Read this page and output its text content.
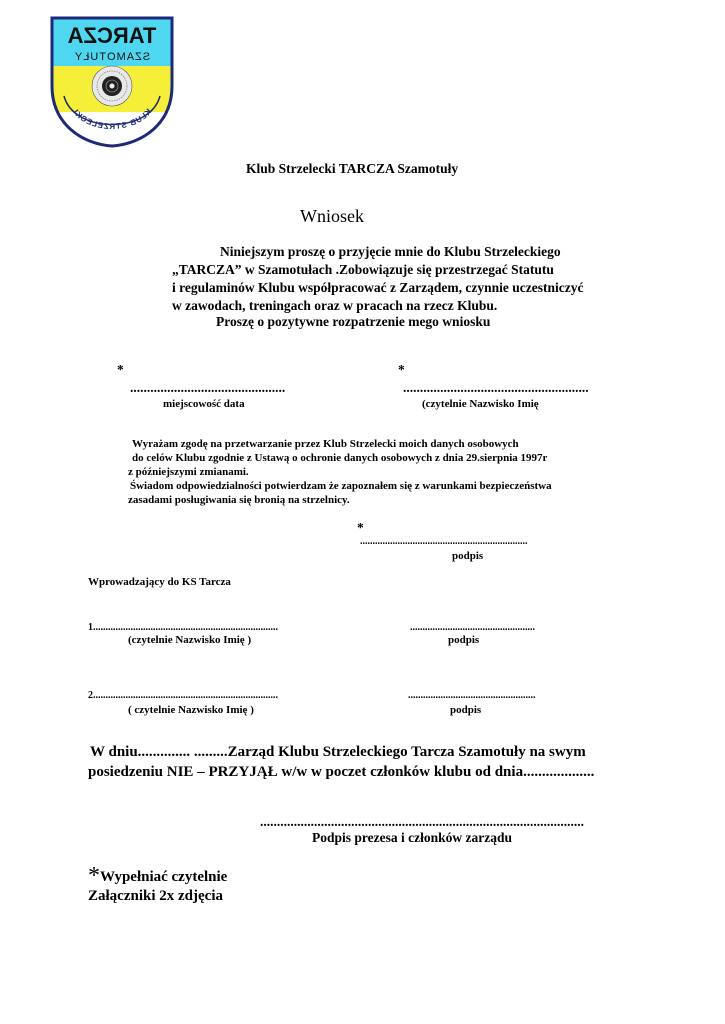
TARCZA
SZAMOTUŁY
KLUB STRZELECKI
Klub Strzelecki TARCZA Szamotuły
Wniosek
Niniejszym proszę o przyjęcie mnie do Klubu Strzeleckiego
„TARCZA” w Szamotułach .Zobowiązuje się przestrzegać Statutu
i regulaminów Klubu współpracować z Zarządem, czynnie uczestniczyć
w zawodach, treningach oraz w pracach na rzecz Klubu.
Proszę o pozytywne rozpatrzenie mego wniosku
*	*
..............................................	.......................................................
miejscowość data	(czytelnie Nazwisko Imię
Wyrażam zgodę na przetwarzanie przez Klub Strzelecki moich danych osobowych
do celów Klubu zgodnie z Ustawą o ochronie danych osobowych z dnia 29.sierpnia 1997r
z późniejszymi zmianami.
Świadom odpowiedzialności potwierdzam że zapoznałem się z warunkami bezpieczeństwa
zasadami posługiwania się bronią na strzelnicy.
*
...................................................................
podpis
Wprowadzający do KS Tarcza
1..........................................................................	..................................................
(czytelnie Nazwisko Imię )	podpis
2..........................................................................	...................................................
( czytelnie Nazwisko Imię )	podpis
W dniu.............. .........Zarząd Klubu Strzeleckiego Tarcza Szamotuły na swym
posiedzeniu NIE – PRZYJĄŁ w/w w poczet członków klubu od dnia...................
................................................................................................
Podpis prezesa i członków zarządu
* Wypełniać czytelnie
Załączniki 2x zdjęcia
